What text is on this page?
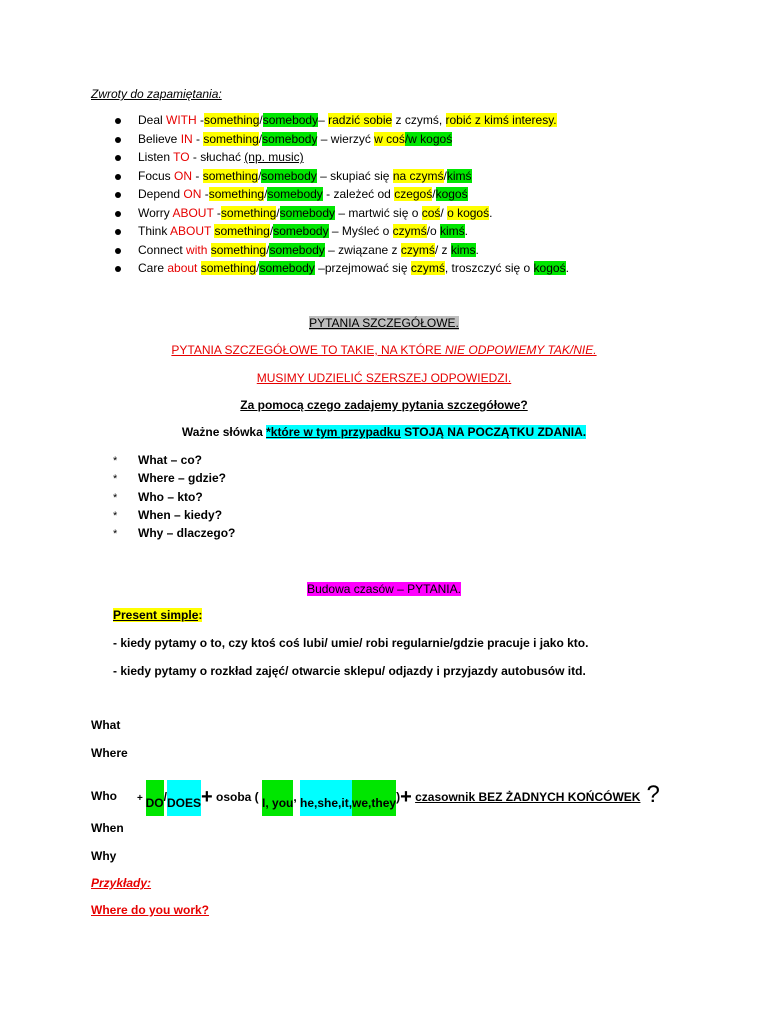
Zwroty do zapamiętania:
Deal WITH -something/somebody– radzić sobie z czymś, robić z kimś interesy.
Believe IN - something/somebody – wierzyć w coś/w kogoś
Listen TO - słuchać (np. music)
Focus ON - something/somebody – skupiać się na czymś/kimś
Depend ON -something/somebody - zależeć od czegoś/kogoś
Worry ABOUT -something/somebody – martwić się o coś/ o kogoś.
Think ABOUT something/somebody – Myśleć o czymś/o kimś.
Connect with something/somebody – związane z czymś/ z kims.
Care about something/somebody –przejmować się czymś, troszczyć się o kogoś.
PYTANIA SZCZEGÓŁOWE.
PYTANIA SZCZEGÓŁOWE TO TAKIE, NA KTÓRE NIE ODPOWIEMY TAK/NIE.
MUSIMY UDZIELIĆ SZERSZEJ ODPOWIEDZI.
Za pomocą czego zadajemy pytania szczegółowe?
Ważne słówka *które w tym przypadku STOJĄ NA POCZĄTKU ZDANIA.
* What – co?
* Where – gdzie?
* Who – kto?
* When – kiedy?
* Why – dlaczego?
Budowa czasów – PYTANIA.
Present simple:
- kiedy pytamy o to, czy ktoś coś lubi/ umie/ robi regularnie/gdzie pracuje i jako kto.
- kiedy pytamy o rozkład zajęć/ otwarcie sklepu/ odjazdy i przyjazdy autobusów itd.
What
Where
Who + DO/DOES+ osoba ( I, you, he,she,it,we,they)+ czasownik BEZ ŻADNYCH KOŃCÓWEK ?
When
Why
Przykłady:
Where do you work?
